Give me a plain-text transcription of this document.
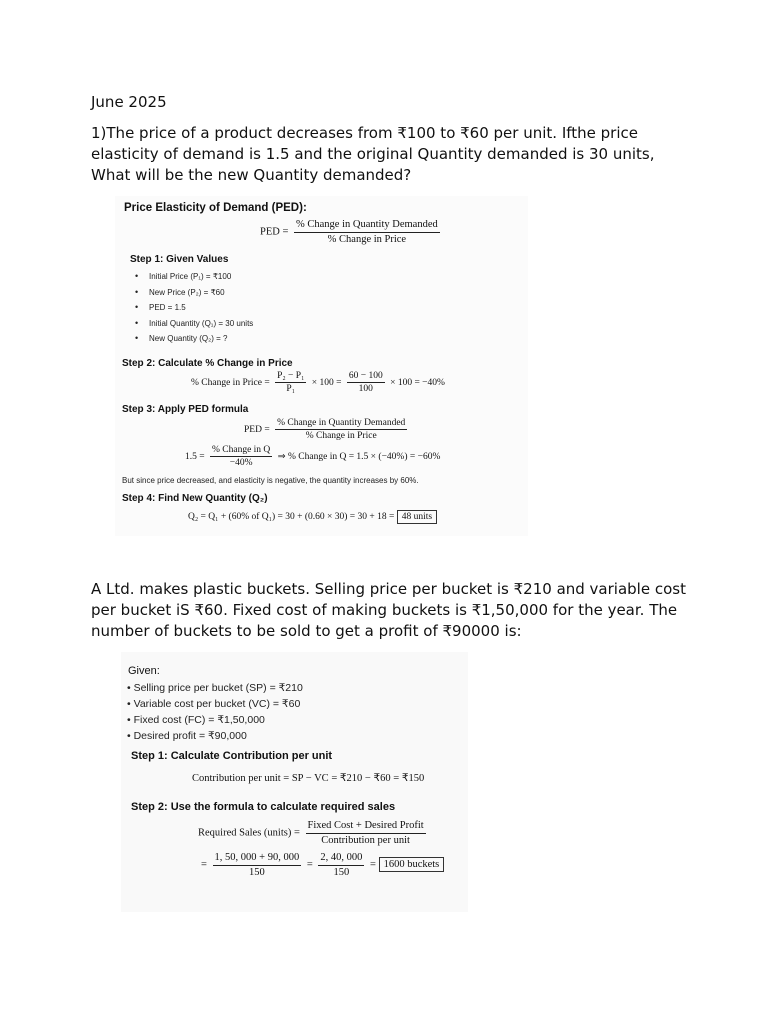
June 2025

1)The price of a product decreases from ₹100 to ₹60 per unit. Ifthe price elasticity of demand is 1.5 and the original Quantity demanded is 30 units, What will be the new Quantity demanded?

Price Elasticity of Demand (PED):
PED = $\frac{\text{\% Change in Quantity Demanded}}{\text{\% Change in Price}}$
Step 1: Given Values
• Initial Price (P₁) = ₹100
• New Price (P₂) = ₹60
• PED = 1.5
• Initial Quantity (Q₁) = 30 units
• New Quantity (Q₂) = ?
Step 2: Calculate % Change in Price
% Change in Price = $\frac{\text{P₂ − P₁}}{\text{P₁}} \times 100 = \frac{60 - 100}{100} \times 100 = -40\%$
Step 3: Apply PED formula
PED = $\frac{\text{\% Change in Quantity Demanded}}{\text{\% Change in Price}}$
$1.5 = \frac{\text{\% Change in Q}}{-40\%}$ ⇒ % Change in Q = 1.5 × (−40%) = −60%
But since price decreased, and elasticity is negative, the quantity increases by 60%.
Step 4: Find New Quantity (Q₂)
Q₂ = Q₁ + (60% of Q₁) = 30 + (0.60 × 30) = 30 + 18 = 48 units

A Ltd. makes plastic buckets. Selling price per bucket is ₹210 and variable cost per bucket iS ₹60. Fixed cost of making buckets is ₹1,50,000 for the year. The number of buckets to be sold to get a profit of ₹90000 is:

Given:
• Selling price per bucket (SP) = ₹210
• Variable cost per bucket (VC) = ₹60
• Fixed cost (FC) = ₹1,50,000
• Desired profit = ₹90,000
Step 1: Calculate Contribution per unit
Contribution per unit = SP − VC = ₹210 − ₹60 = ₹150
Step 2: Use the formula to calculate required sales
Required Sales (units) = $\frac{\text{Fixed Cost + Desired Profit}}{\text{Contribution per unit}}$
= $\frac{1, 50, 000 + 90, 000}{150} = \frac{2, 40, 000}{150} = 1600$ buckets
